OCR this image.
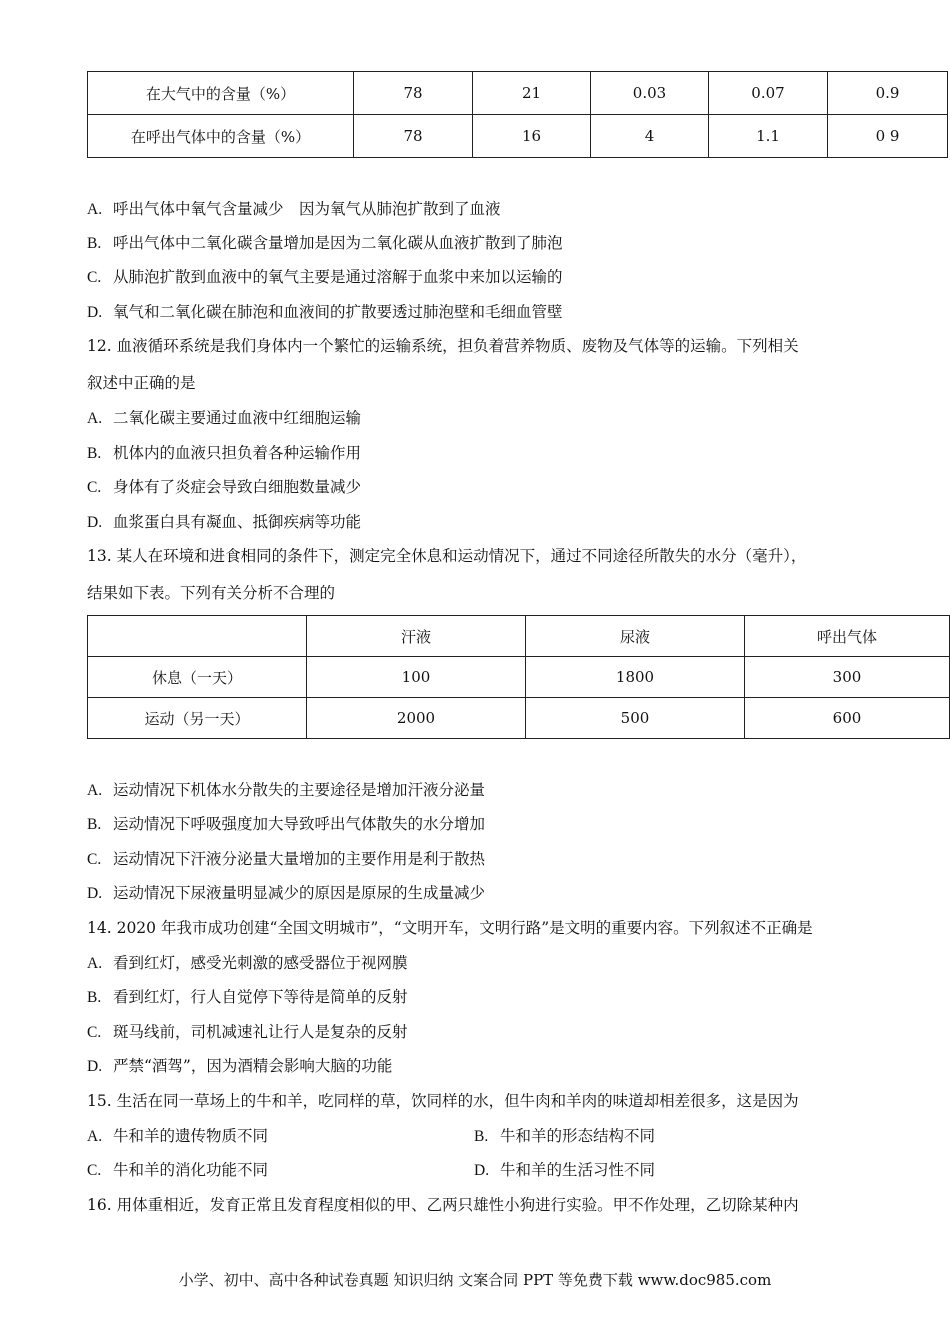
在大气中的含量（%）	78	21	0.03	0.07	0.9
在呼出气体中的含量（%）	78	16	4	1.1	0 9
A. 呼出气体中氧气含量减少　因为氧气从肺泡扩散到了血液
B. 呼出气体中二氧化碳含量增加是因为二氧化碳从血液扩散到了肺泡
C. 从肺泡扩散到血液中的氧气主要是通过溶解于血浆中来加以运输的
D. 氧气和二氧化碳在肺泡和血液间的扩散要透过肺泡壁和毛细血管壁
12. 血液循环系统是我们身体内一个繁忙的运输系统，担负着营养物质、废物及气体等的运输。下列相关
叙述中正确的是
A. 二氧化碳主要通过血液中红细胞运输
B. 机体内的血液只担负着各种运输作用
C. 身体有了炎症会导致白细胞数量减少
D. 血浆蛋白具有凝血、抵御疾病等功能
13. 某人在环境和进食相同的条件下，测定完全休息和运动情况下，通过不同途径所散失的水分（毫升），
结果如下表。下列有关分析不合理的
	汗液	尿液	呼出气体
休息（一天）	100	1800	300
运动（另一天）	2000	500	600
A. 运动情况下机体水分散失的主要途径是增加汗液分泌量
B. 运动情况下呼吸强度加大导致呼出气体散失的水分增加
C. 运动情况下汗液分泌量大量增加的主要作用是利于散热
D. 运动情况下尿液量明显减少的原因是原尿的生成量减少
14. 2020 年我市成功创建“全国文明城市”，“文明开车，文明行路”是文明的重要内容。下列叙述不正确是
A. 看到红灯，感受光刺激的感受器位于视网膜
B. 看到红灯，行人自觉停下等待是简单的反射
C. 斑马线前，司机减速礼让行人是复杂的反射
D. 严禁“酒驾”，因为酒精会影响大脑的功能
15. 生活在同一草场上的牛和羊，吃同样的草，饮同样的水，但牛肉和羊肉的味道却相差很多，这是因为
A. 牛和羊的遗传物质不同	B. 牛和羊的形态结构不同
C. 牛和羊的消化功能不同	D. 牛和羊的生活习性不同
16. 用体重相近，发育正常且发育程度相似的甲、乙两只雄性小狗进行实验。甲不作处理，乙切除某种内
小学、初中、高中各种试卷真题 知识归纳 文案合同 PPT 等免费下载 www.doc985.com
